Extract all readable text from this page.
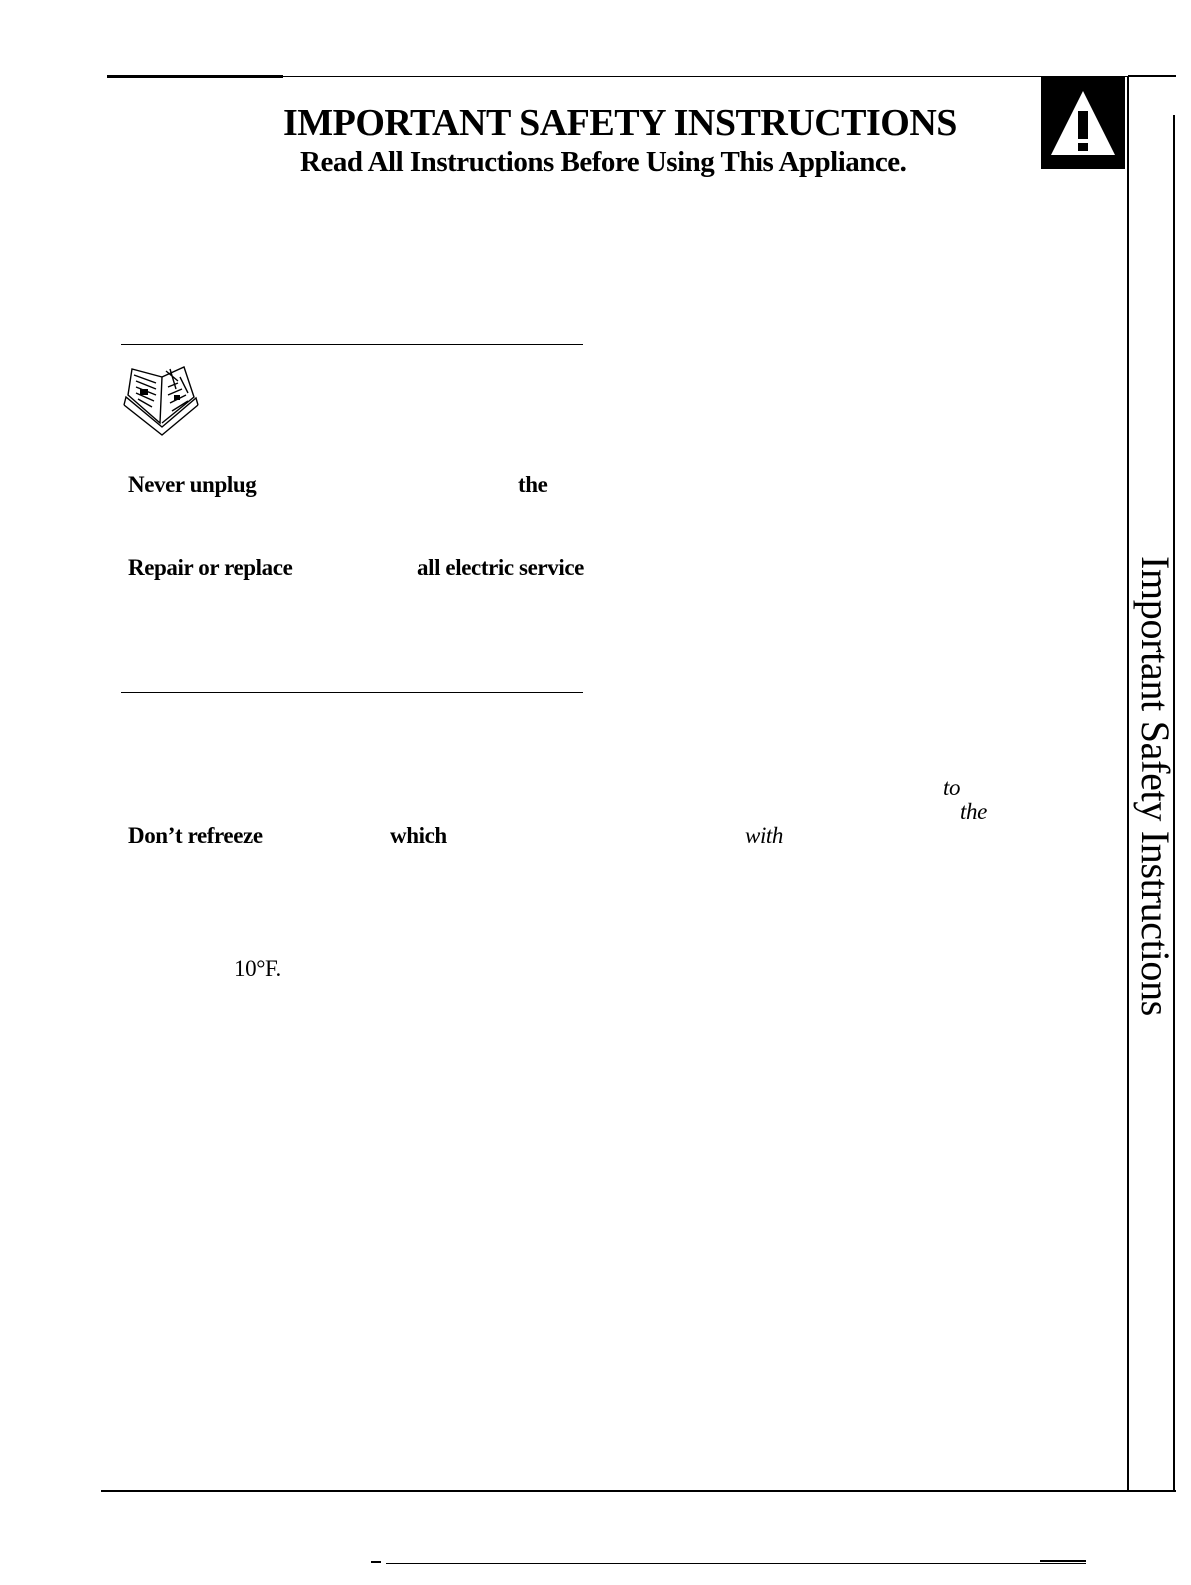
IMPORTANT SAFETY INSTRUCTIONS
Read All Instructions Before Using This Appliance.
Never unplug	the
Repair or replace	all electric service
Don’t refreeze	which
10°F.
to
the
with	Important Safety Instructions
